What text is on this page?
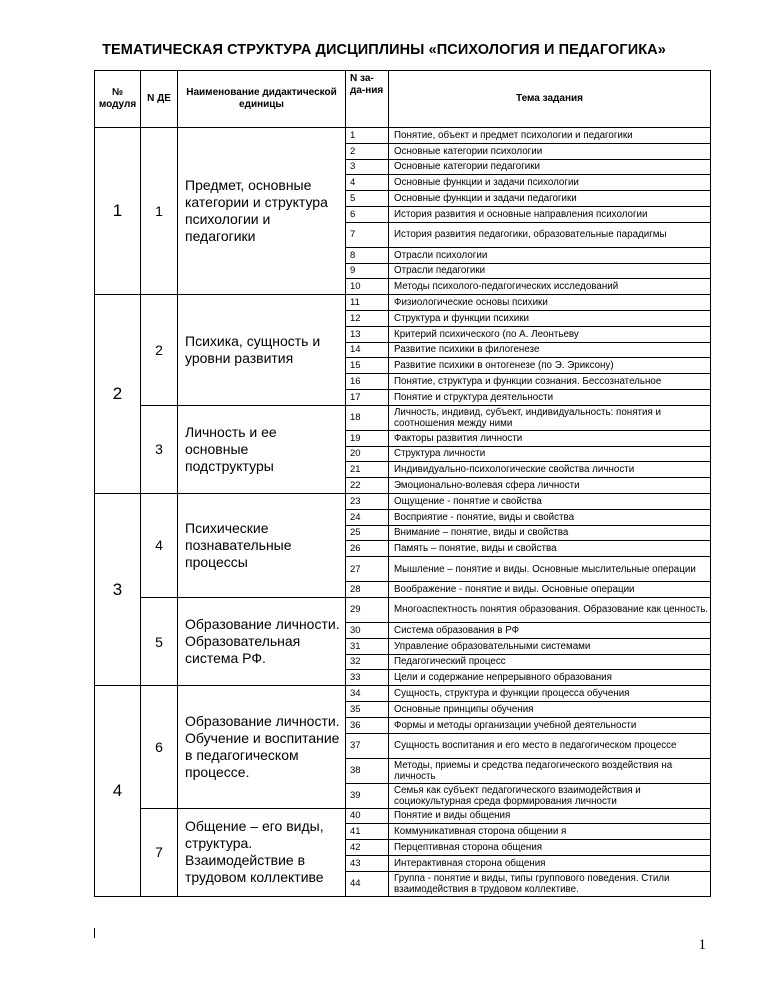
ТЕМАТИЧЕСКАЯ СТРУКТУРА ДИСЦИПЛИНЫ «ПСИХОЛОГИЯ И ПЕДАГОГИКА»
№ модуля	N ДЕ	Наименование дидактической единицы	N за-да-ния	Тема задания
1	1	Предмет, основные категории и структура психологии и педагогики	1	Понятие, объект и предмет психологии и педагогики
			2	Основные категории психологии
			3	Основные категории педагогики
			4	Основные функции и задачи психологии
			5	Основные функции и задачи педагогики
			6	История развития и основные направления психологии
			7	История развития педагогики, образовательные парадигмы
			8	Отрасли психологии
			9	Отрасли педагогики
			10	Методы психолого-педагогических исследований
2	2	Психика, сущность и уровни развития	11	Физиологические основы психики
			12	Структура и функции психики
			13	Критерий психического (по А. Леонтьеву
			14	Развитие психики в филогенезе
			15	Развитие психики в онтогенезе (по Э. Эриксону)
			16	Понятие, структура и функции сознания. Бессознательное
			17	Понятие и структура деятельности
	3	Личность и ее основные подструктуры	18	Личность, индивид, субъект, индивидуальность: понятия и соотношения между ними
			19	Факторы развития личности
			20	Структура личности
			21	Индивидуально-психологические свойства личности
			22	Эмоционально-волевая сфера личности
3	4	Психические познавательные процессы	23	Ощущение - понятие и свойства
			24	Восприятие - понятие, виды и свойства
			25	Внимание – понятие, виды и свойства
			26	Память – понятие, виды и свойства
			27	Мышление – понятие и виды. Основные мыслительные операции
			28	Воображение - понятие и виды. Основные операции
	5	Образование личности. Образовательная система РФ.	29	Многоаспектность понятия образования. Образование как ценность.
			30	Система образования в РФ
			31	Управление образовательными системами
			32	Педагогический процесс
			33	Цели и содержание непрерывного образования
4	6	Образование личности. Обучение и воспитание в педагогическом процессе.	34	Сущность, структура и функции процесса обучения
			35	Основные принципы обучения
			36	Формы и методы организации учебной деятельности
			37	Сущность воспитания и его место в педагогическом процессе
			38	Методы, приемы и средства педагогического воздействия на личность
			39	Семья как субъект педагогического взаимодействия и социокультурная среда формирования личности
	7	Общение – его виды, структура. Взаимодействие в трудовом коллективе	40	Понятие и виды общения
			41	Коммуникативная сторона общении я
			42	Перцептивная сторона общения
			43	Интерактивная сторона общения
			44	Группа - понятие и виды, типы группового поведения. Стили взаимодействия в трудовом коллективе.
1
